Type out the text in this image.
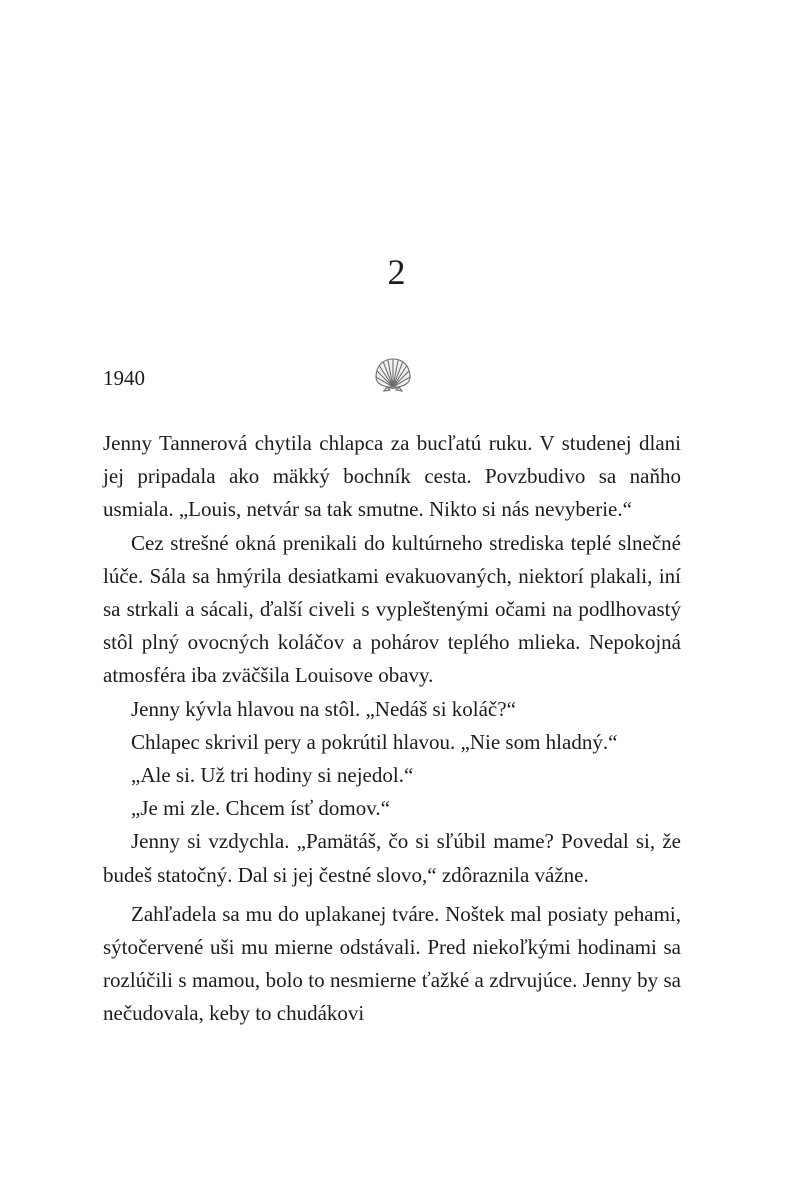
2
1940

Jenny Tannerová chytila chlapca za bucľatú ruku. V studenej dlani jej pripadala ako mäkký bochník cesta. Povzbudivo sa naňho usmiala. „Louis, netvár sa tak smutne. Nikto si nás nevyberie.“

Cez strešné okná prenikali do kultúrneho strediska teplé slnečné lúče. Sála sa hmýrila desiatkami evakuovaných, niektorí plakali, iní sa strkali a sácali, ďalší civeli s vypleštenými očami na podlhovastý stôl plný ovocných koláčov a pohárov teplého mlieka. Nepokojná atmosféra iba zväčšila Louisove obavy.

Jenny kývla hlavou na stôl. „Nedáš si koláč?“

Chlapec skrivil pery a pokrútil hlavou. „Nie som hladný.“

„Ale si. Už tri hodiny si nejedol.“

„Je mi zle. Chcem ísť domov.“

Jenny si vzdychla. „Pamätáš, čo si sľúbil mame? Povedal si, že budeš statočný. Dal si jej čestné slovo,“ zdôraznila vážne.

Zahľadela sa mu do uplakanej tváre. Noštek mal posiaty pehami, sýtočervené uši mu mierne odstávali. Pred niekoľkými hodinami sa rozlúčili s mamou, bolo to nesmierne ťažké a zdrvujúce. Jenny by sa nečudovala, keby to chudákovi
